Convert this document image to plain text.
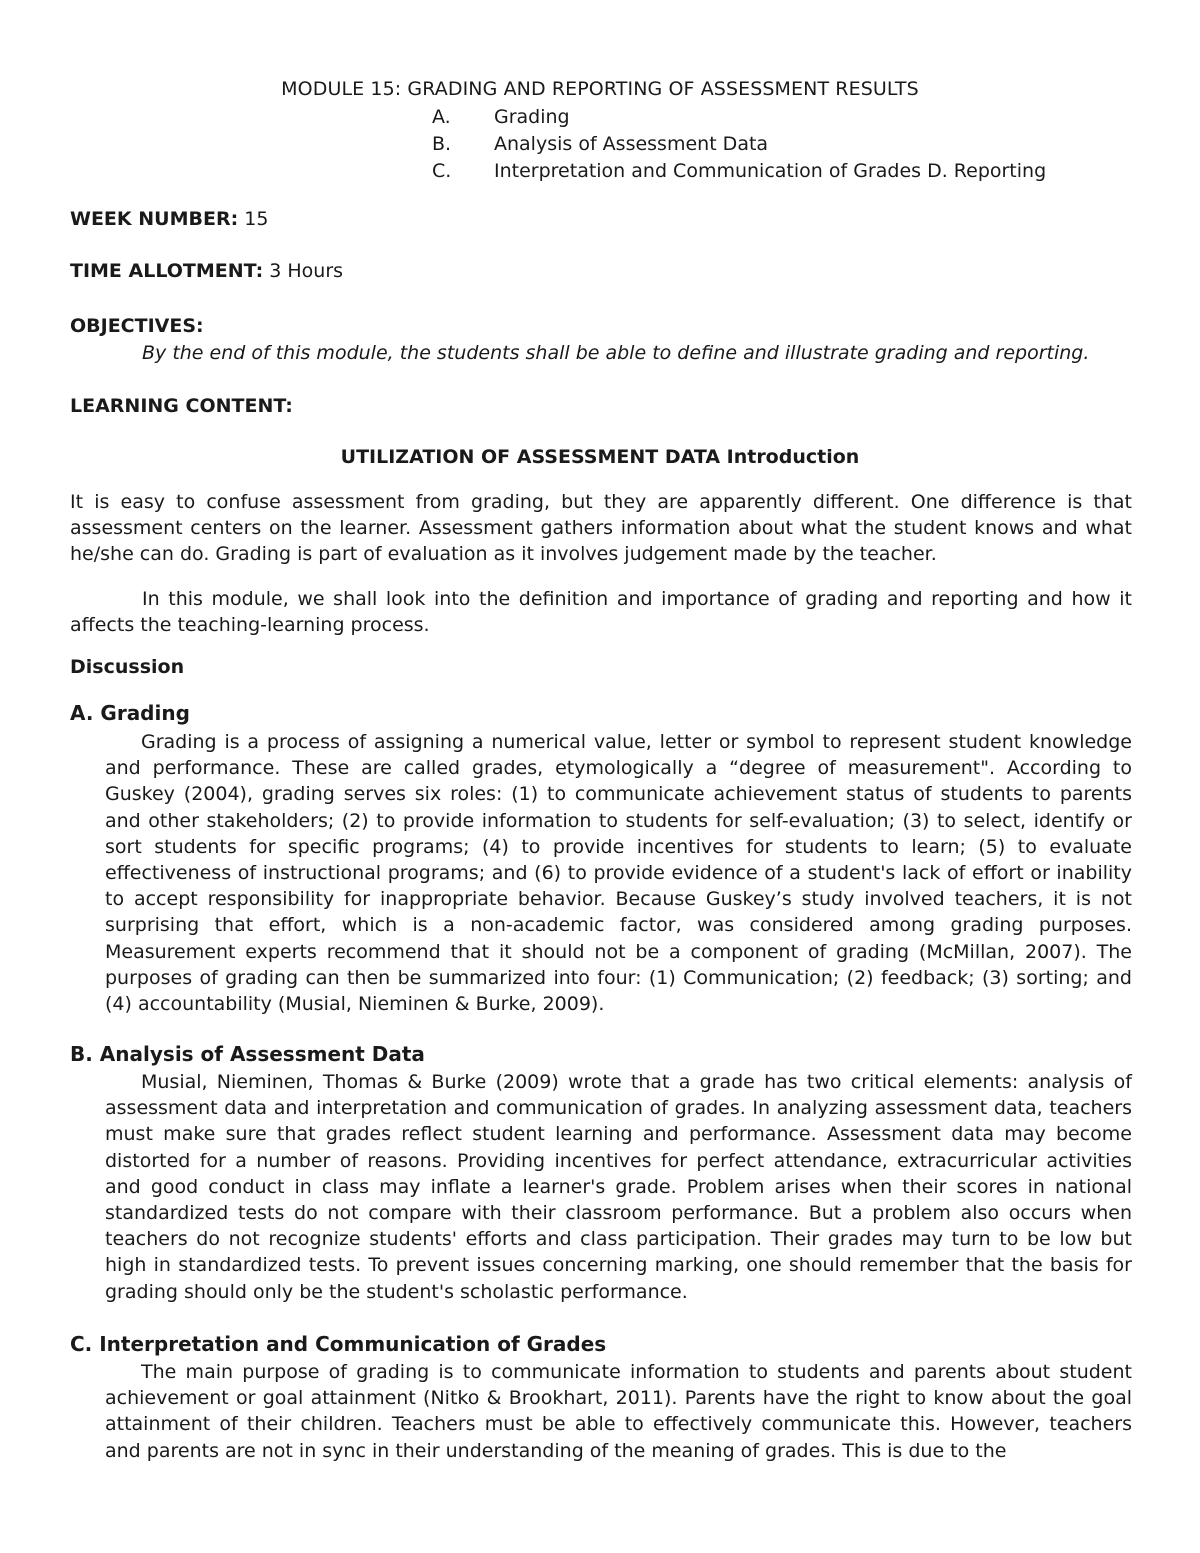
MODULE 15: GRADING AND REPORTING OF ASSESSMENT RESULTS
A. Grading
B. Analysis of Assessment Data
C. Interpretation and Communication of Grades D. Reporting
WEEK NUMBER: 15
TIME ALLOTMENT: 3 Hours
OBJECTIVES:
By the end of this module, the students shall be able to define and illustrate grading and reporting.
LEARNING CONTENT:
UTILIZATION OF ASSESSMENT DATA Introduction

It is easy to confuse assessment from grading, but they are apparently different. One difference is that assessment centers on the learner. Assessment gathers information about what the student knows and what he/she can do. Grading is part of evaluation as it involves judgement made by the teacher.

In this module, we shall look into the definition and importance of grading and reporting and how it affects the teaching-learning process.

Discussion
A. Grading

Grading is a process of assigning a numerical value, letter or symbol to represent student knowledge and performance. These are called grades, etymologically a “degree of measurement". According to Guskey (2004), grading serves six roles: (1) to communicate achievement status of students to parents and other stakeholders; (2) to provide information to students for self-evaluation; (3) to select, identify or sort students for specific programs; (4) to provide incentives for students to learn; (5) to evaluate effectiveness of instructional programs; and (6) to provide evidence of a student's lack of effort or inability to accept responsibility for inappropriate behavior. Because Guskey’s study involved teachers, it is not surprising that effort, which is a non-academic factor, was considered among grading purposes. Measurement experts recommend that it should not be a component of grading (McMillan, 2007). The purposes of grading can then be summarized into four: (1) Communication; (2) feedback; (3) sorting; and (4) accountability (Musial, Nieminen & Burke, 2009).

B. Analysis of Assessment Data

Musial, Nieminen, Thomas & Burke (2009) wrote that a grade has two critical elements: analysis of assessment data and interpretation and communication of grades. In analyzing assessment data, teachers must make sure that grades reflect student learning and performance. Assessment data may become distorted for a number of reasons. Providing incentives for perfect attendance, extracurricular activities and good conduct in class may inflate a learner's grade. Problem arises when their scores in national standardized tests do not compare with their classroom performance. But a problem also occurs when teachers do not recognize students' efforts and class participation. Their grades may turn to be low but high in standardized tests. To prevent issues concerning marking, one should remember that the basis for grading should only be the student's scholastic performance.

C. Interpretation and Communication of Grades

The main purpose of grading is to communicate information to students and parents about student achievement or goal attainment (Nitko & Brookhart, 2011). Parents have the right to know about the goal attainment of their children. Teachers must be able to effectively communicate this. However, teachers and parents are not in sync in their understanding of the meaning of grades. This is due to the
